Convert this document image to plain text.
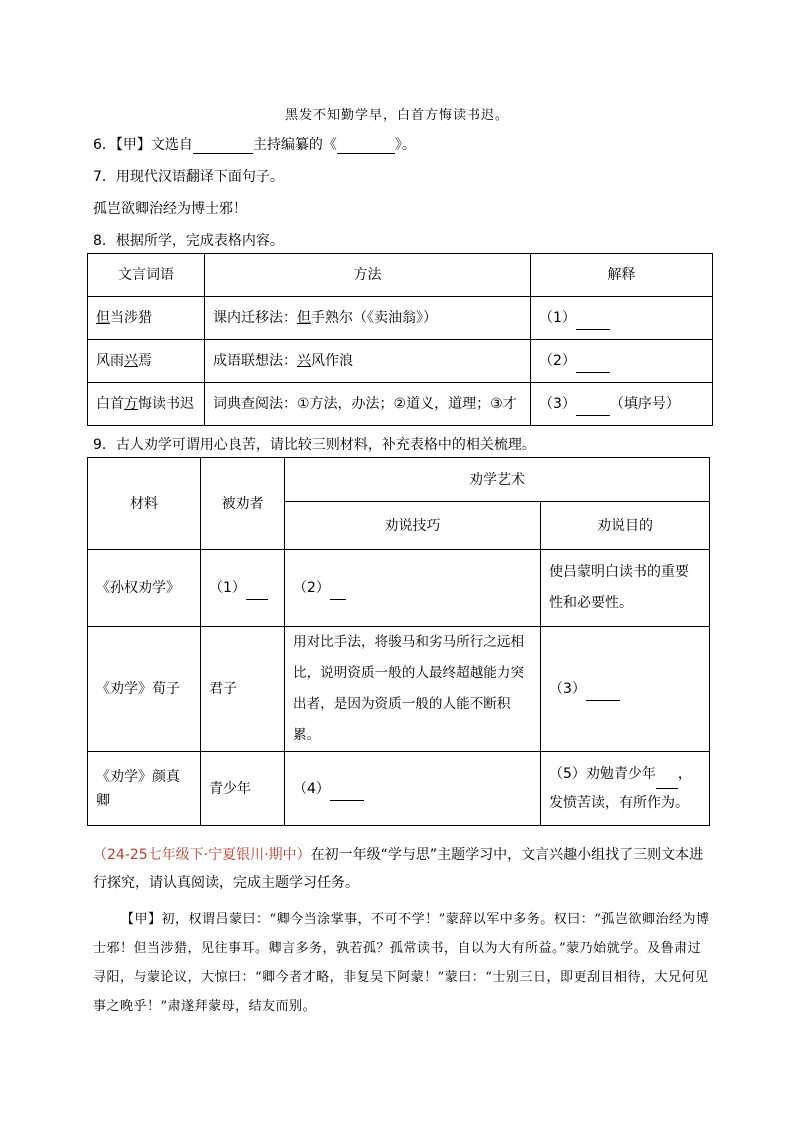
黑发不知勤学早，白首方悔读书迟。
6．【甲】文选自	主持编纂的《	》。
7．用现代汉语翻译下面句子。
孤岂欲卿治经为博士邪！
8．根据所学，完成表格内容。
文言词语	方法	解释
但当涉猎	课内迁移法：但手熟尔（《卖油翁》）	（1）
风雨兴焉	成语联想法：兴风作浪	（2）
白首方悔读书迟	词典查阅法：①方法，办法；②道义，道理；③才	（3） （填序号）
9．古人劝学可谓用心良苦，请比较三则材料，补充表格中的相关梳理。
材料	被劝者	劝学艺术	
		劝说技巧	劝说目的
《孙权劝学》	（1）	（2）	使吕蒙明白读书的重要性和必要性。
《劝学》荀子	君子	用对比手法，将骏马和劣马所行之远相比，说明资质一般的人最终超越能力突出者，是因为资质一般的人能不断积累。	（3）
《劝学》颜真卿	青少年	（4）	（5）劝勉青少年 ，发愤苦读，有所作为。
（24-25七年级下·宁夏银川·期中）在初一年级“学与思”主题学习中，文言兴趣小组找了三则文本进行探究，请认真阅读，完成主题学习任务。
【甲】初，权谓吕蒙曰：“卿今当涂掌事，不可不学！”蒙辞以军中多务。权曰：“孤岂欲卿治经为博士邪！但当涉猎，见往事耳。卿言多务，孰若孤？孤常读书，自以为大有所益。”蒙乃始就学。及鲁肃过寻阳，与蒙论议，大惊曰：“卿今者才略，非复吴下阿蒙！”蒙曰：“士别三日，即更刮目相待，大兄何见事之晚乎！”肃遂拜蒙母，结友而别。
